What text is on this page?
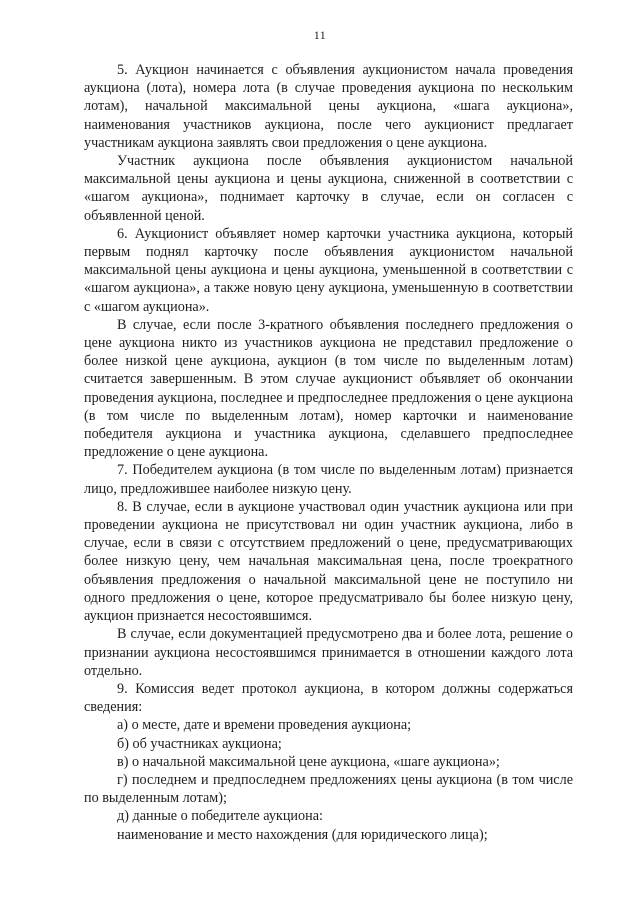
11

5. Аукцион начинается с объявления аукционистом начала проведения аукциона (лота), номера лота (в случае проведения аукциона по нескольким лотам), начальной максимальной цены аукциона, «шага аукциона», наименования участников аукциона, после чего аукционист предлагает участникам аукциона заявлять свои предложения о цене аукциона.

Участник аукциона после объявления аукционистом начальной максимальной цены аукциона и цены аукциона, сниженной в соответствии с «шагом аукциона», поднимает карточку в случае, если он согласен с объявленной ценой.

6. Аукционист объявляет номер карточки участника аукциона, который первым поднял карточку после объявления аукционистом начальной максимальной цены аукциона и цены аукциона, уменьшенной в соответствии с «шагом аукциона», а также новую цену аукциона, уменьшенную в соответствии с «шагом аукциона».

В случае, если после 3-кратного объявления последнего предложения о цене аукциона никто из участников аукциона не представил предложение о более низкой цене аукциона, аукцион (в том числе по выделенным лотам) считается завершенным. В этом случае аукционист объявляет об окончании проведения аукциона, последнее и предпоследнее предложения о цене аукциона (в том числе по выделенным лотам), номер карточки и наименование победителя аукциона и участника аукциона, сделавшего предпоследнее предложение о цене аукциона.

7. Победителем аукциона (в том числе по выделенным лотам) признается лицо, предложившее наиболее низкую цену.

8. В случае, если в аукционе участвовал один участник аукциона или при проведении аукциона не присутствовал ни один участник аукциона, либо в случае, если в связи с отсутствием предложений о цене, предусматривающих более низкую цену, чем начальная максимальная цена, после троекратного объявления предложения о начальной максимальной цене не поступило ни одного предложения о цене, которое предусматривало бы более низкую цену, аукцион признается несостоявшимся.

В случае, если документацией предусмотрено два и более лота, решение о признании аукциона несостоявшимся принимается в отношении каждого лота отдельно.

9. Комиссия ведет протокол аукциона, в котором должны содержаться сведения:

а) о месте, дате и времени проведения аукциона;

б) об участниках аукциона;

в) о начальной максимальной цене аукциона, «шаге аукциона»;

г) последнем и предпоследнем предложениях цены аукциона (в том числе по выделенным лотам);

д) данные о победителе аукциона:

наименование и место нахождения (для юридического лица);
